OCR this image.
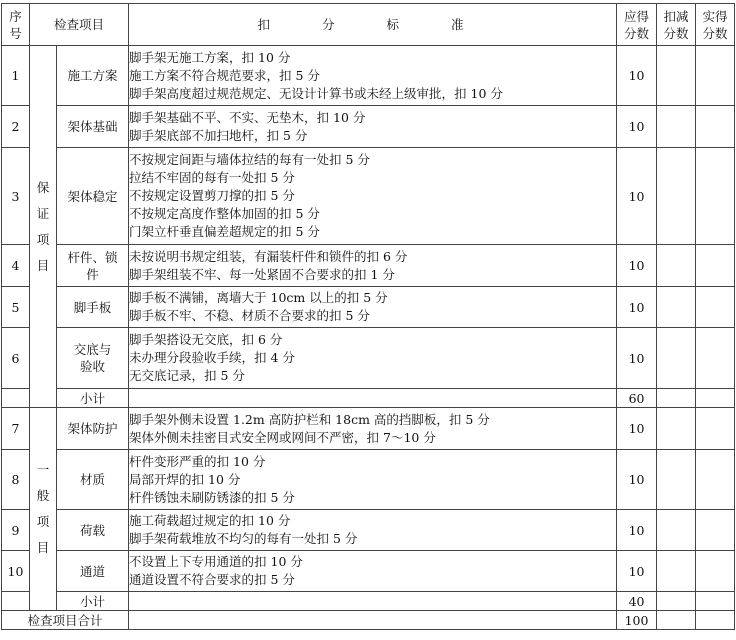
序号	检查项目		扣 分 标 准	应得分数	扣减分数	实得分数
1	保证项目	施工方案	脚手架无施工方案，扣 10 分
施工方案不符合规范要求，扣 5 分
脚手架高度超过规范规定、无设计计算书或未经上级审批，扣 10 分	10		
2		架体基础	脚手架基础不平、不实、无垫木，扣 10 分
脚手架底部不加扫地杆，扣 5 分	10		
3		架体稳定	不按规定间距与墙体拉结的每有一处扣 5 分
拉结不牢固的每有一处扣 5 分
不按规定设置剪刀撑的扣 5 分
不按规定高度作整体加固的扣 5 分
门架立杆垂直偏差超规定的扣 5 分	10		
4		杆件、锁件	未按说明书规定组装，有漏装杆件和锁件的扣 6 分
脚手架组装不牢、每一处紧固不合要求的扣 1 分	10		
5		脚手板	脚手板不满铺，离墙大于 10cm 以上的扣 5 分
脚手板不牢、不稳、材质不合要求的扣 5 分	10		
6		交底与验收	脚手架搭设无交底，扣 6 分
未办理分段验收手续，扣 4 分
无交底记录，扣 5 分	10		
		小计		60		
7	一般项目	架体防护	脚手架外侧未设置 1.2m 高防护栏和 18cm 高的挡脚板，扣 5 分
架体外侧未挂密目式安全网或网间不严密，扣 7～10 分	10		
8		材质	杆件变形严重的扣 10 分
局部开焊的扣 10 分
杆件锈蚀未刷防锈漆的扣 5 分	10		
9		荷载	施工荷载超过规定的扣 10 分
脚手架荷载堆放不均匀的每有一处扣 5 分	10		
10		通道	不设置上下专用通道的扣 10 分
通道设置不符合要求的扣 5 分	10		
		小计		40		
检查项目合计				100		
